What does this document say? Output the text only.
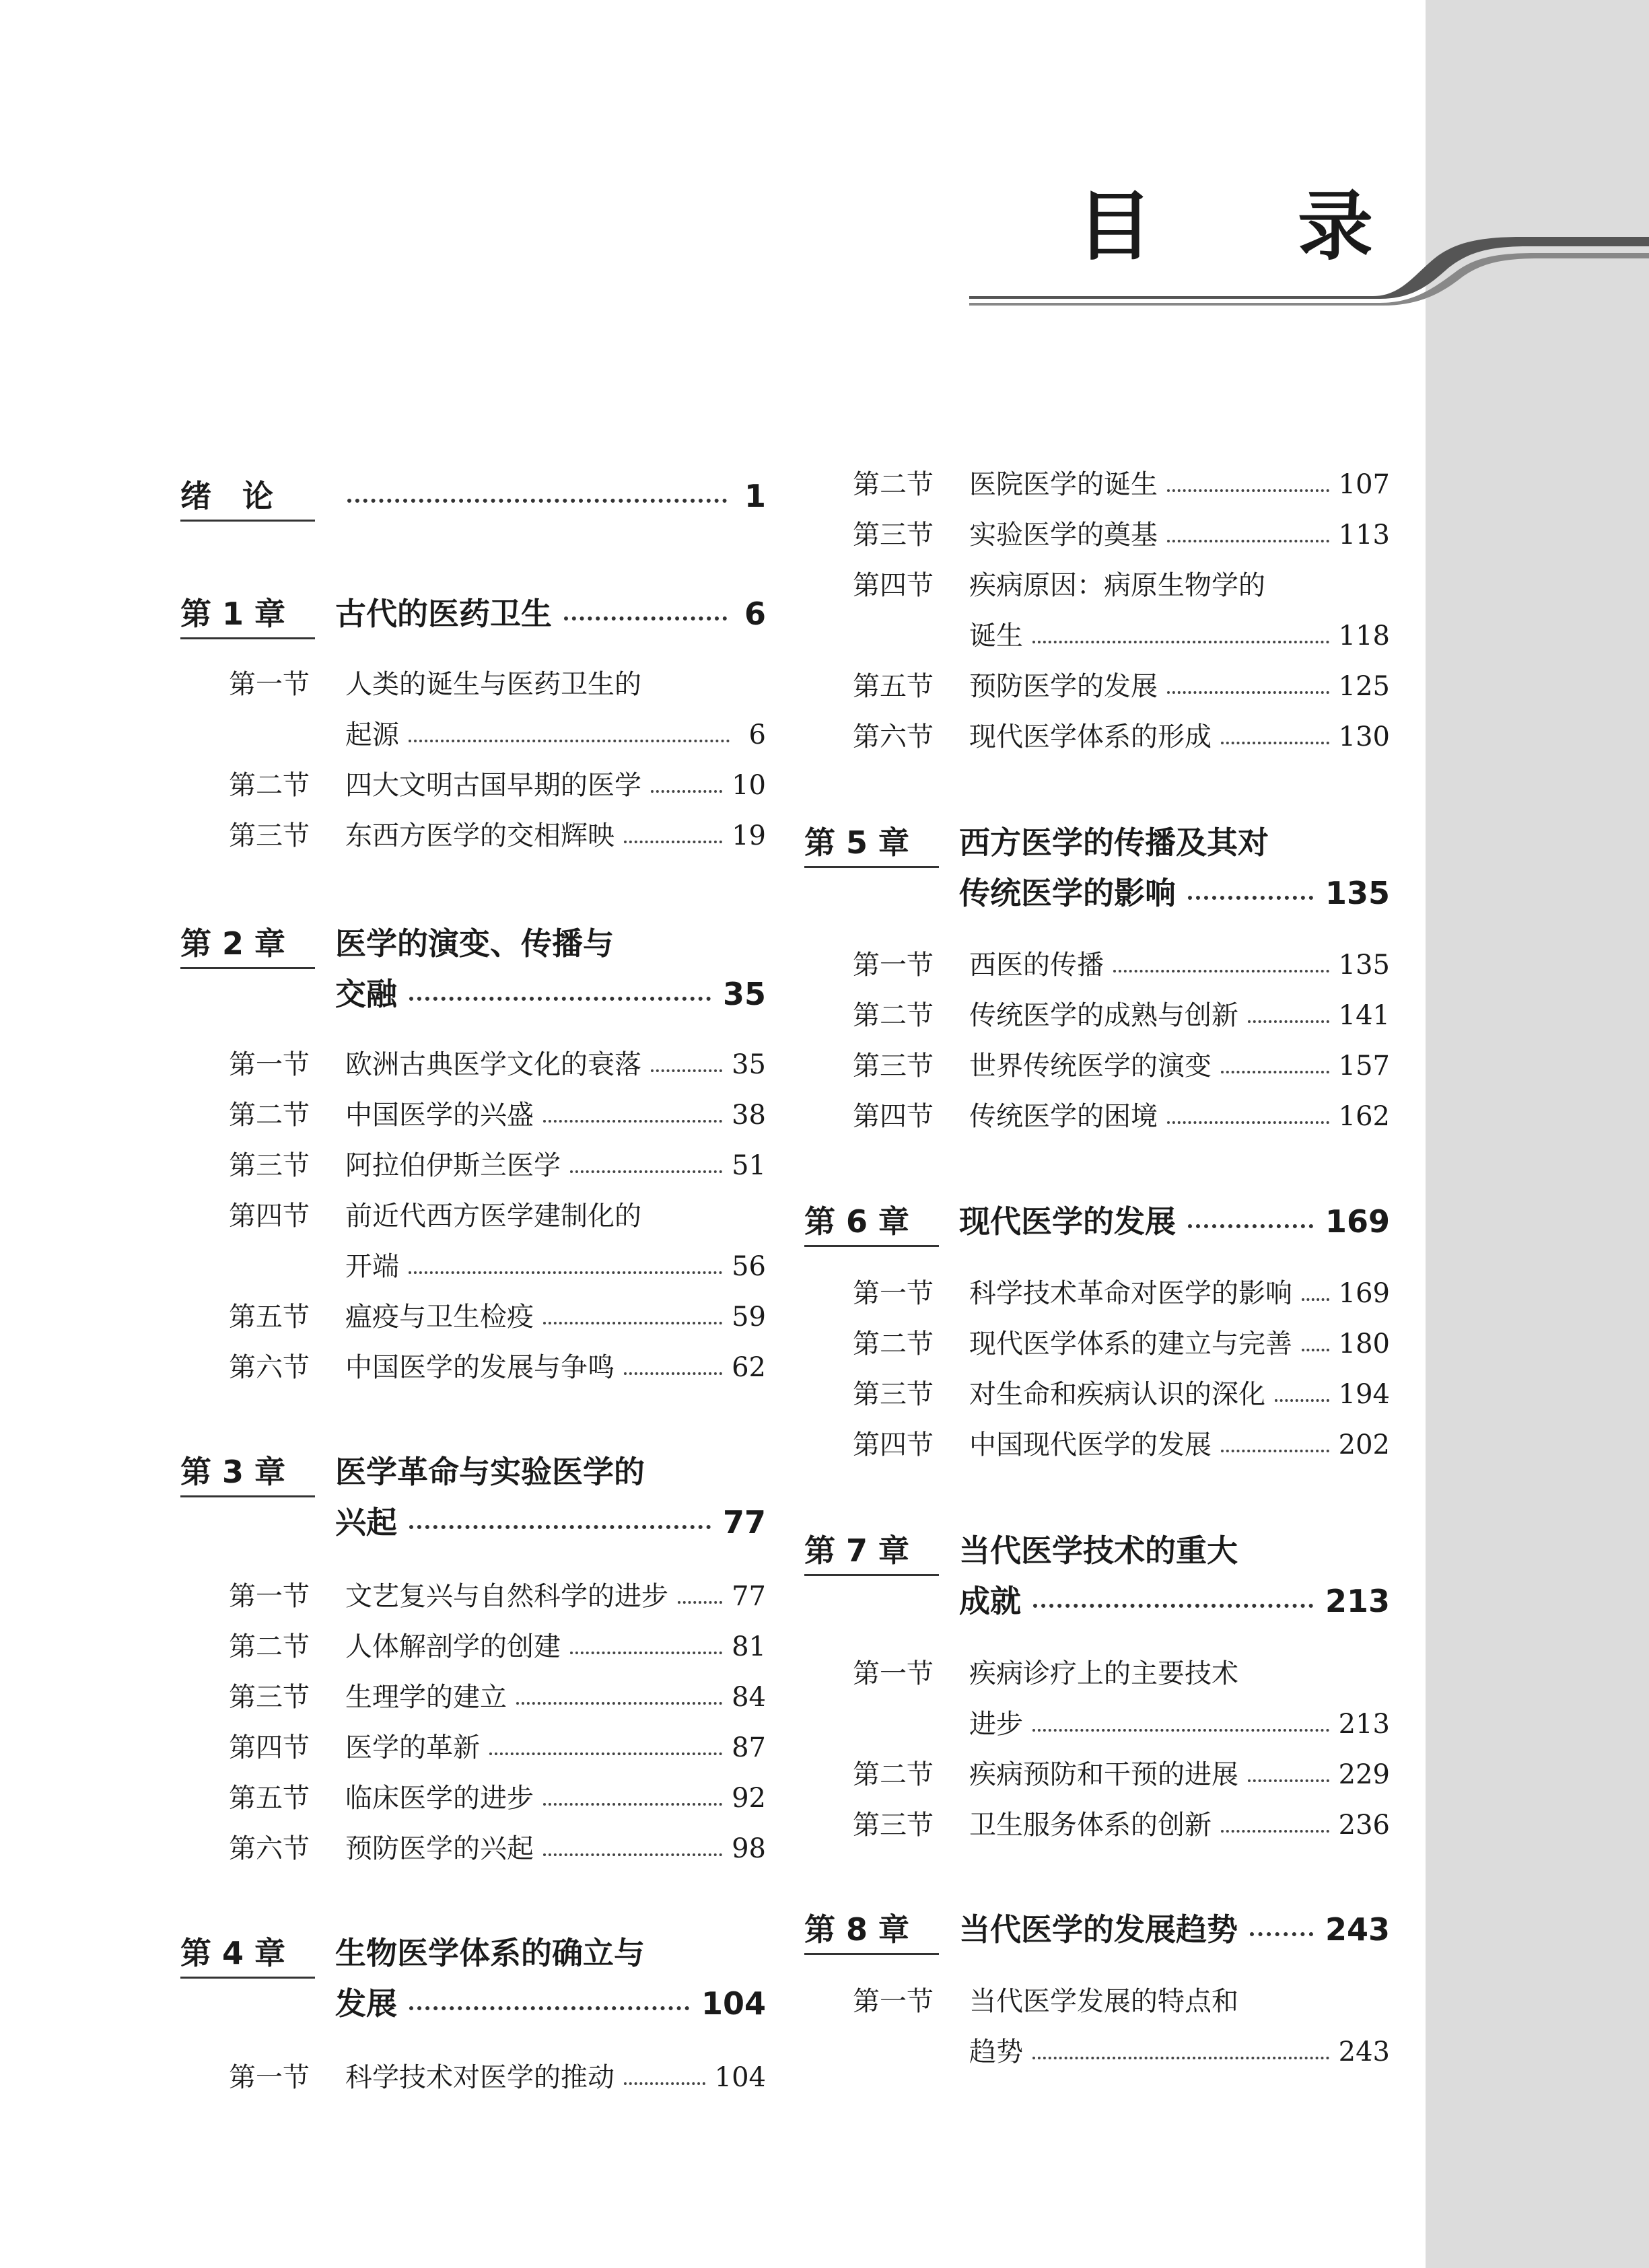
目 录
绪　论	1
第 1 章	古代的医药卫生	6
第一节	人类的诞生与医药卫生的
起源	6
第二节	四大文明古国早期的医学	10
第三节	东西方医学的交相辉映	19
第 2 章	医学的演变、传播与
交融	35
第一节	欧洲古典医学文化的衰落	35
第二节	中国医学的兴盛	38
第三节	阿拉伯伊斯兰医学	51
第四节	前近代西方医学建制化的
开端	56
第五节	瘟疫与卫生检疫	59
第六节	中国医学的发展与争鸣	62
第 3 章	医学革命与实验医学的
兴起	77
第一节	文艺复兴与自然科学的进步 77
第二节	人体解剖学的创建	81
第三节	生理学的建立	84
第四节	医学的革新	87
第五节	临床医学的进步	92
第六节	预防医学的兴起	98
第 4 章	生物医学体系的确立与
发展	104
第一节	科学技术对医学的推动	104
第二节	医院医学的诞生	107
第三节	实验医学的奠基	113
第四节	疾病原因：病原生物学的
诞生	118
第五节	预防医学的发展	125
第六节	现代医学体系的形成	130
第 5 章	西方医学的传播及其对
传统医学的影响	135
第一节	西医的传播	135
第二节	传统医学的成熟与创新	141
第三节	世界传统医学的演变	157
第四节	传统医学的困境	162
第 6 章	现代医学的发展	169
第一节	科学技术革命对医学的影响 169
第二节	现代医学体系的建立与完善 180
第三节	对生命和疾病认识的深化	194
第四节	中国现代医学的发展	202
第 7 章	当代医学技术的重大
成就	213
第一节	疾病诊疗上的主要技术
进步	213
第二节	疾病预防和干预的进展	229
第三节	卫生服务体系的创新	236
第 8 章	当代医学的发展趋势	243
第一节	当代医学发展的特点和
趋势	243
